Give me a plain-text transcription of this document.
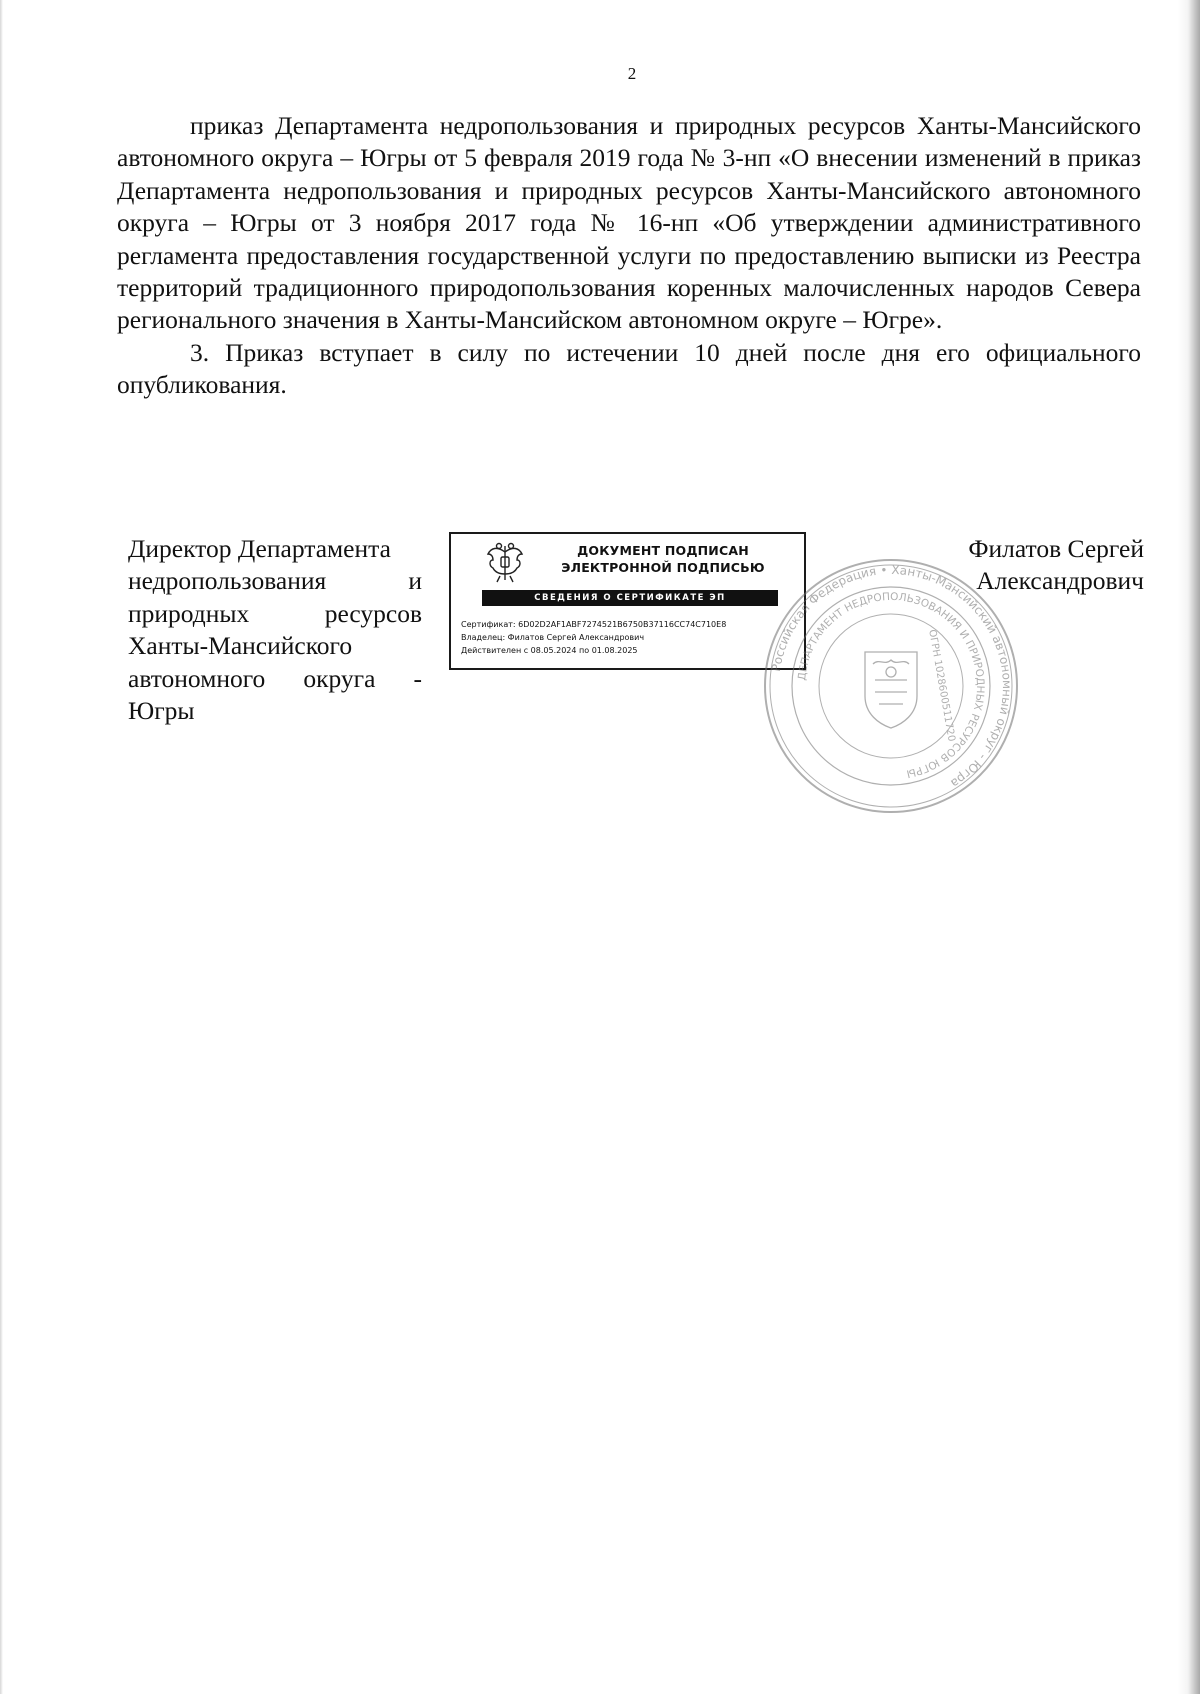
2

приказ Департамента недропользования и природных ресурсов Ханты-Мансийского автономного округа – Югры от 5 февраля 2019 года № 3-нп «О внесении изменений в приказ Департамента недропользования и природных ресурсов Ханты-Мансийского автономного округа – Югры от 3 ноября 2017 года № 16-нп «Об утверждении административного регламента предоставления государственной услуги по предоставлению выписки из Реестра территорий традиционного природопользования коренных малочисленных народов Севера регионального значения в Ханты-Мансийском автономном округе – Югре».

3. Приказ вступает в силу по истечении 10 дней после дня его официального опубликования.

Директор Департамента
недропользования и
природных ресурсов
Ханты-Мансийского
автономного округа -
Югры
ДОКУМЕНТ ПОДПИСАН
ЭЛЕКТРОННОЙ ПОДПИСЬЮ
СВЕДЕНИЯ О СЕРТИФИКАТЕ ЭП
Сертификат: 6D02D2AF1ABF7274521B6750B37116CC74C710E8
Владелец: Филатов Сергей Александрович
Действителен с 08.05.2024 по 01.08.2025
Российская Федерация • Ханты-Мансийский автономный округ - Югра
ДЕПАРТАМЕНТ НЕДРОПОЛЬЗОВАНИЯ И ПРИРОДНЫХ РЕСУРСОВ ЮГРЫ
ОГРН 1028600511720
Филатов Сергей
Александрович
